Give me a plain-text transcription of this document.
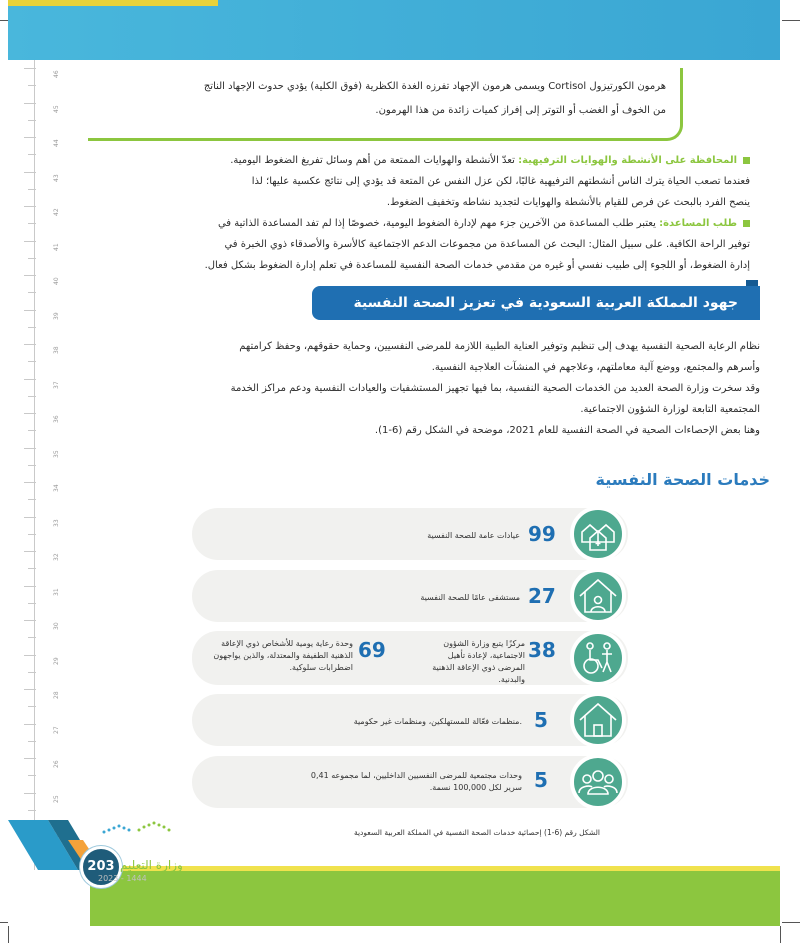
46
45
44
43
42
41
40
39
38
37
36
35
34
33
32
31
30
29
28
27
26
25
هرمون الكورتيزول Cortisol ويسمى هرمون الإجهاد تفرزه الغدة الكظرية (فوق الكلية) يؤدي حدوث الإجهاد الناتج
من الخوف أو الغضب أو التوتر إلى إفراز كميات زائدة من هذا الهرمون.
المحافظة على الأنشطة والهوايات الترفيهية: تعدّ الأنشطة والهوايات الممتعة من أهم وسائل تفريغ الضغوط اليومية.
فعندما تصعب الحياة يترك الناس أنشطتهم الترفيهية غالبًا، لكن عزل النفس عن المتعة قد يؤدي إلى نتائج عكسية عليها؛ لذا
ينصح الفرد بالبحث عن فرص للقيام بالأنشطة والهوايات لتجديد نشاطه وتخفيف الضغوط.
طلب المساعدة: يعتبر طلب المساعدة من الآخرين جزء مهم لإدارة الضغوط اليومية، خصوصًا إذا لم تفد المساعدة الذاتية في
توفير الراحة الكافية. على سبيل المثال: البحث عن المساعدة من مجموعات الدعم الاجتماعية كالأسرة والأصدقاء ذوي الخبرة في
إدارة الضغوط، أو اللجوء إلى طبيب نفسي أو غيره من مقدمي خدمات الصحة النفسية للمساعدة في تعلم إدارة الضغوط بشكل فعال.
جهود المملكة العربية السعودية في تعزيز الصحة النفسية
نظام الرعاية الصحية النفسية يهدف إلى تنظيم وتوفير العناية الطبية اللازمة للمرضى النفسيين، وحماية حقوقهم، وحفظ كرامتهم
وأسرهم والمجتمع، ووضع آلية معاملتهم، وعلاجهم في المنشآت العلاجية النفسية.
وقد سخرت وزارة الصحة العديد من الخدمات الصحية النفسية، بما فيها تجهيز المستشفيات والعيادات النفسية ودعم مراكز الخدمة
المجتمعية التابعة لوزارة الشؤون الاجتماعية.
وهنا بعض الإحصاءات الصحية في الصحة النفسية للعام 2021، موضحة في الشكل رقم (6-1).
خدمات الصحة النفسية
99
عيادات عامة للصحة النفسية
27
مستشفى عامًا للصحة النفسية
38
مركزًا يتبع وزارة الشؤون الاجتماعية، لإعادة تأهيل المرضى ذوي الإعاقة الذهنية والبدنية.
69
وحدة رعاية يومية للأشخاص ذوي الإعاقة الذهنية الطفيفة والمعتدلة، والذين يواجهون اضطرابات سلوكية.
5
.منظمات فعّالة للمستهلكين، ومنظمات غير حكومية
5
وحدات مجتمعية للمرضى النفسيين الداخليين، لما مجموعه 0,41 سرير لكل 100,000 نسمة.
الشكل رقم (6-1) إحصائية خدمات الصحة النفسية في المملكة العربية السعودية
203 وزارة التعليم
2023 - 1444
